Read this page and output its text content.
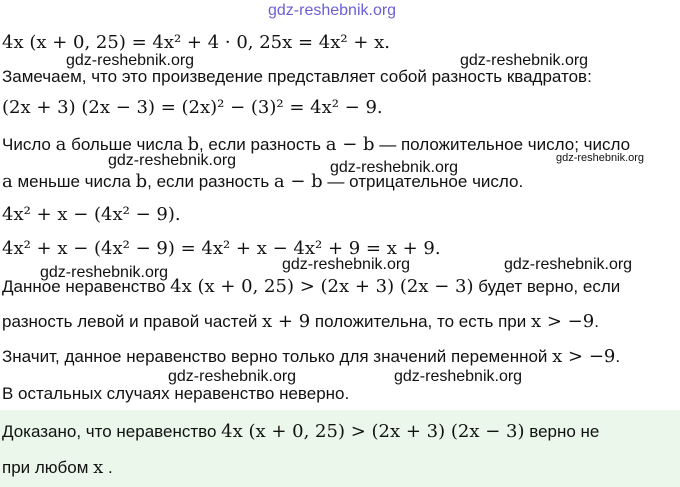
gdz-reshebnik.org
4x (x + 0, 25) = 4x² + 4 · 0, 25x = 4x² + x.
gdz-reshebnik.org	gdz-reshebnik.org
Замечаем, что это произведение представляет собой разность квадратов:
(2x + 3) (2x − 3) = (2x)² − (3)² = 4x² − 9.
Число a больше числа b, если разность a − b — положительное число; число
gdz-reshebnik.org	gdz-reshebnik.org
gdz-reshebnik.org
a меньше числа b, если разность a − b — отрицательное число.
4x² + x − (4x² − 9).
4x² + x − (4x² − 9) = 4x² + x − 4x² + 9 = x + 9.
gdz-reshebnik.org	gdz-reshebnik.org
gdz-reshebnik.org
Данное неравенство 4x (x + 0, 25) > (2x + 3) (2x − 3) будет верно, если
разность левой и правой частей x + 9 положительна, то есть при x > −9.
Значит, данное неравенство верно только для значений переменной x > −9.
gdz-reshebnik.org	gdz-reshebnik.org
В остальных случаях неравенство неверно.
Доказано, что неравенство 4x (x + 0, 25) > (2x + 3) (2x − 3) верно не
при любом x .
